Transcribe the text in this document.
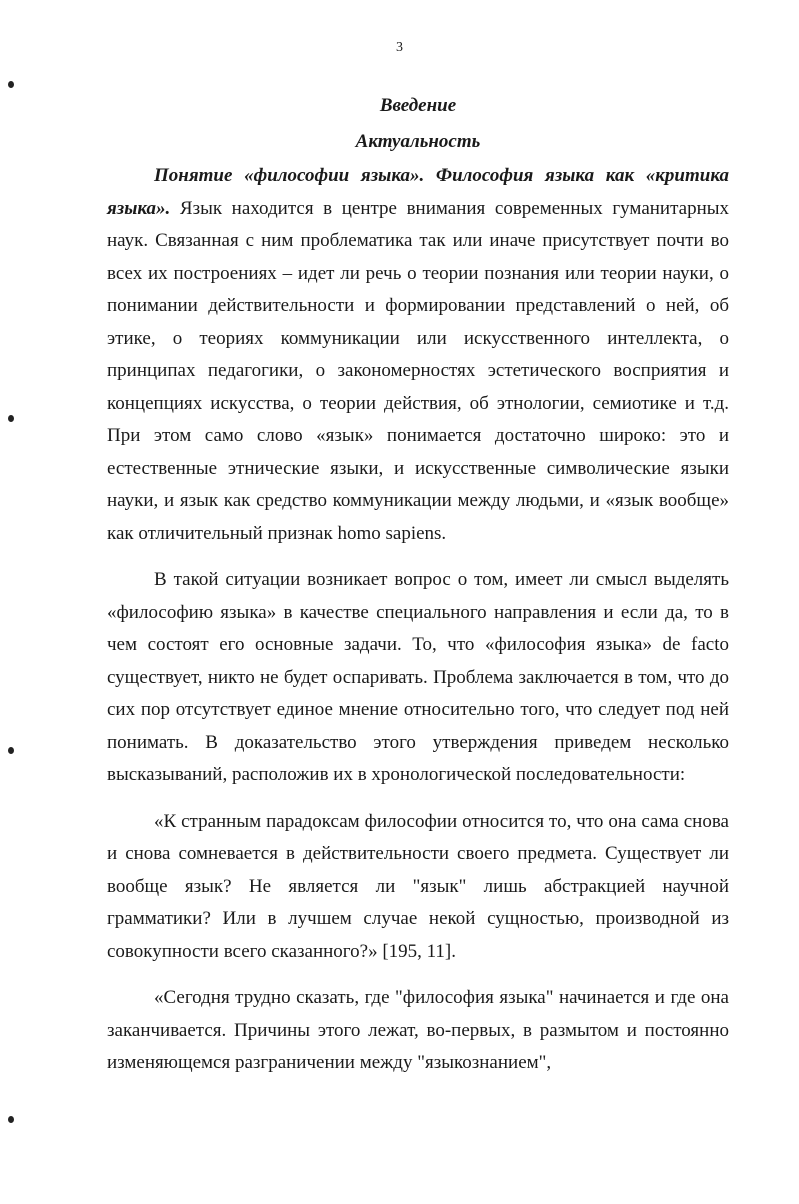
3
Введение
Актуальность

Понятие «философии языка». Философия языка как «критика языка». Язык находится в центре внимания современных гуманитарных наук. Связанная с ним проблематика так или иначе присутствует почти во всех их построениях – идет ли речь о теории познания или теории науки, о понимании действительности и формировании представлений о ней, об этике, о теориях коммуникации или искусственного интеллекта, о принципах педагогики, о закономерностях эстетического восприятия и концепциях искусства, о теории действия, об этнологии, семиотике и т.д. При этом само слово «язык» понимается достаточно широко: это и естественные этнические языки, и искусственные символические языки науки, и язык как средство коммуникации между людьми, и «язык вообще» как отличительный признак homo sapiens.

В такой ситуации возникает вопрос о том, имеет ли смысл выделять «философию языка» в качестве специального направления и если да, то в чем состоят его основные задачи. То, что «философия языка» de facto существует, никто не будет оспаривать. Проблема заключается в том, что до сих пор отсутствует единое мнение относительно того, что следует под ней понимать. В доказательство этого утверждения приведем несколько высказываний, расположив их в хронологической последовательности:

«К странным парадоксам философии относится то, что она сама снова и снова сомневается в действительности своего предмета. Существует ли вообще язык? Не является ли "язык" лишь абстракцией научной грамматики? Или в лучшем случае некой сущностью, производной из совокупности всего сказанного?» [195, 11].

«Сегодня трудно сказать, где "философия языка" начинается и где она заканчивается. Причины этого лежат, во-первых, в размытом и постоянно изменяющемся разграничении между "языкознанием",
